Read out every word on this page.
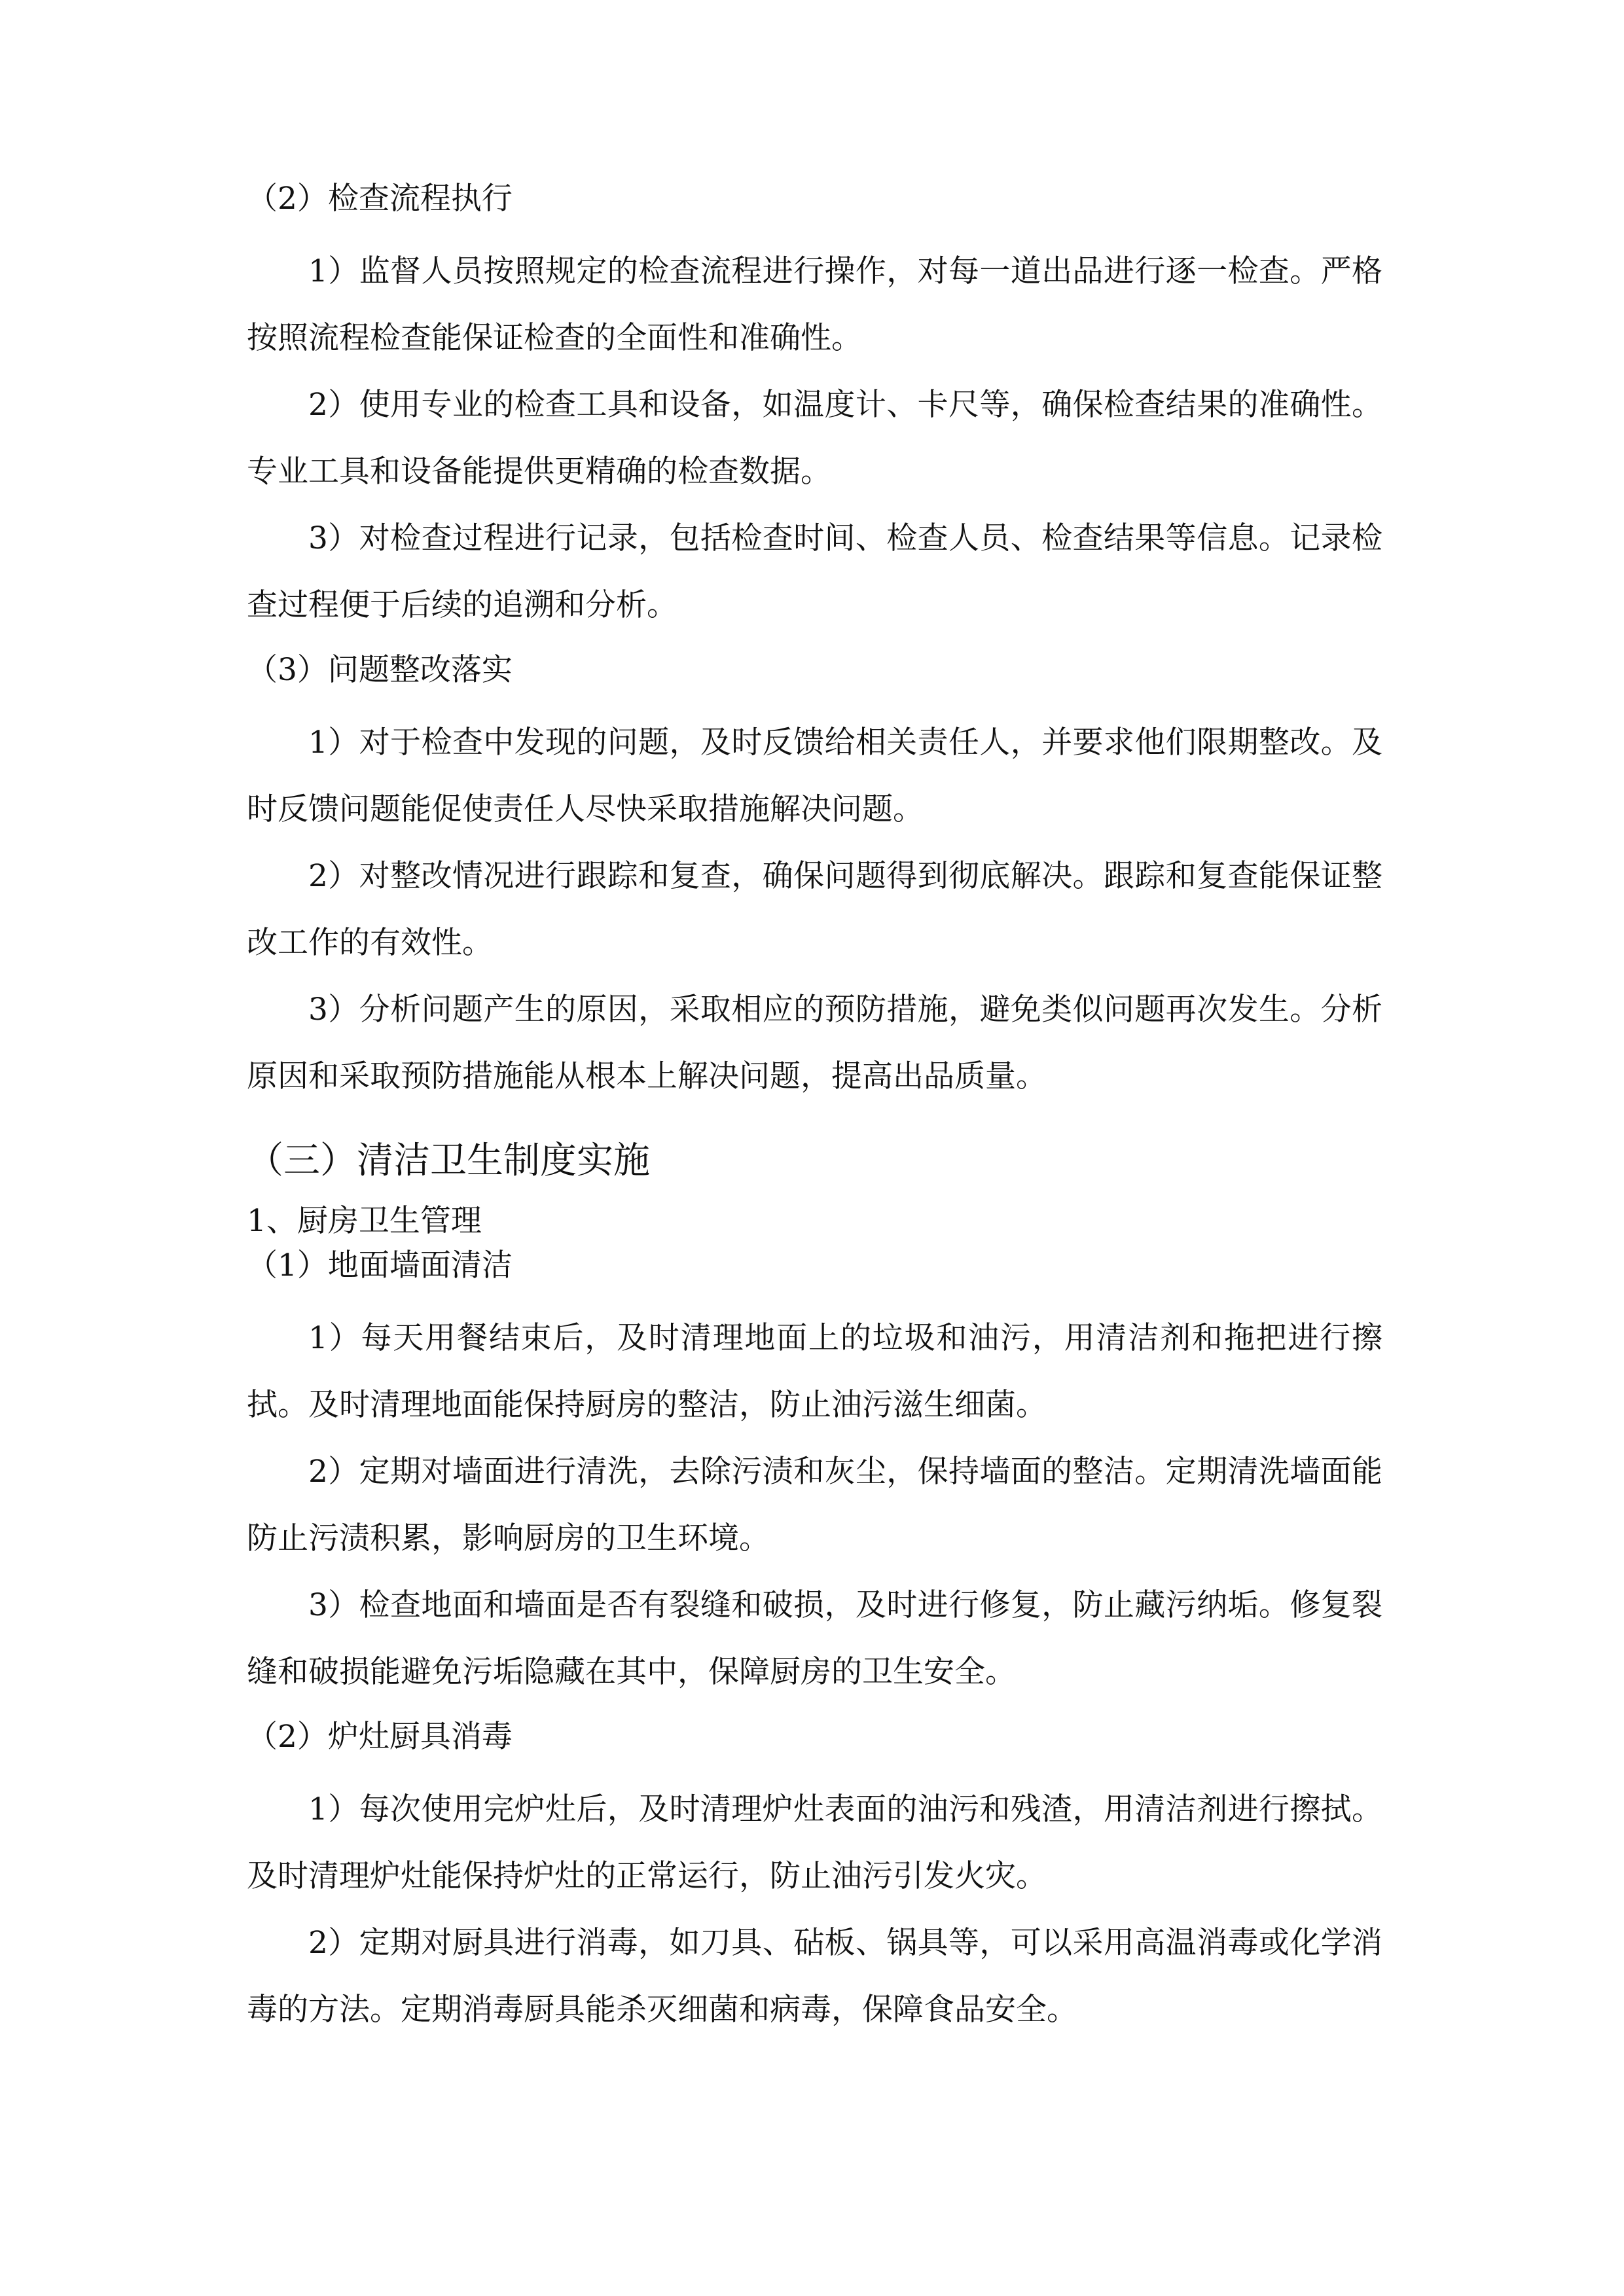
（2）检查流程执行

1）监督人员按照规定的检查流程进行操作，对每一道出品进行逐一检查。严格按照流程检查能保证检查的全面性和准确性。

2）使用专业的检查工具和设备，如温度计、卡尺等，确保检查结果的准确性。专业工具和设备能提供更精确的检查数据。

3）对检查过程进行记录，包括检查时间、检查人员、检查结果等信息。记录检查过程便于后续的追溯和分析。

（3）问题整改落实

1）对于检查中发现的问题，及时反馈给相关责任人，并要求他们限期整改。及时反馈问题能促使责任人尽快采取措施解决问题。

2）对整改情况进行跟踪和复查，确保问题得到彻底解决。跟踪和复查能保证整改工作的有效性。

3）分析问题产生的原因，采取相应的预防措施，避免类似问题再次发生。分析原因和采取预防措施能从根本上解决问题，提高出品质量。

（三）清洁卫生制度实施

1、厨房卫生管理

（1）地面墙面清洁

1）每天用餐结束后，及时清理地面上的垃圾和油污，用清洁剂和拖把进行擦拭。及时清理地面能保持厨房的整洁，防止油污滋生细菌。

2）定期对墙面进行清洗，去除污渍和灰尘，保持墙面的整洁。定期清洗墙面能防止污渍积累，影响厨房的卫生环境。

3）检查地面和墙面是否有裂缝和破损，及时进行修复，防止藏污纳垢。修复裂缝和破损能避免污垢隐藏在其中，保障厨房的卫生安全。

（2）炉灶厨具消毒

1）每次使用完炉灶后，及时清理炉灶表面的油污和残渣，用清洁剂进行擦拭。及时清理炉灶能保持炉灶的正常运行，防止油污引发火灾。

2）定期对厨具进行消毒，如刀具、砧板、锅具等，可以采用高温消毒或化学消毒的方法。定期消毒厨具能杀灭细菌和病毒，保障食品安全。
